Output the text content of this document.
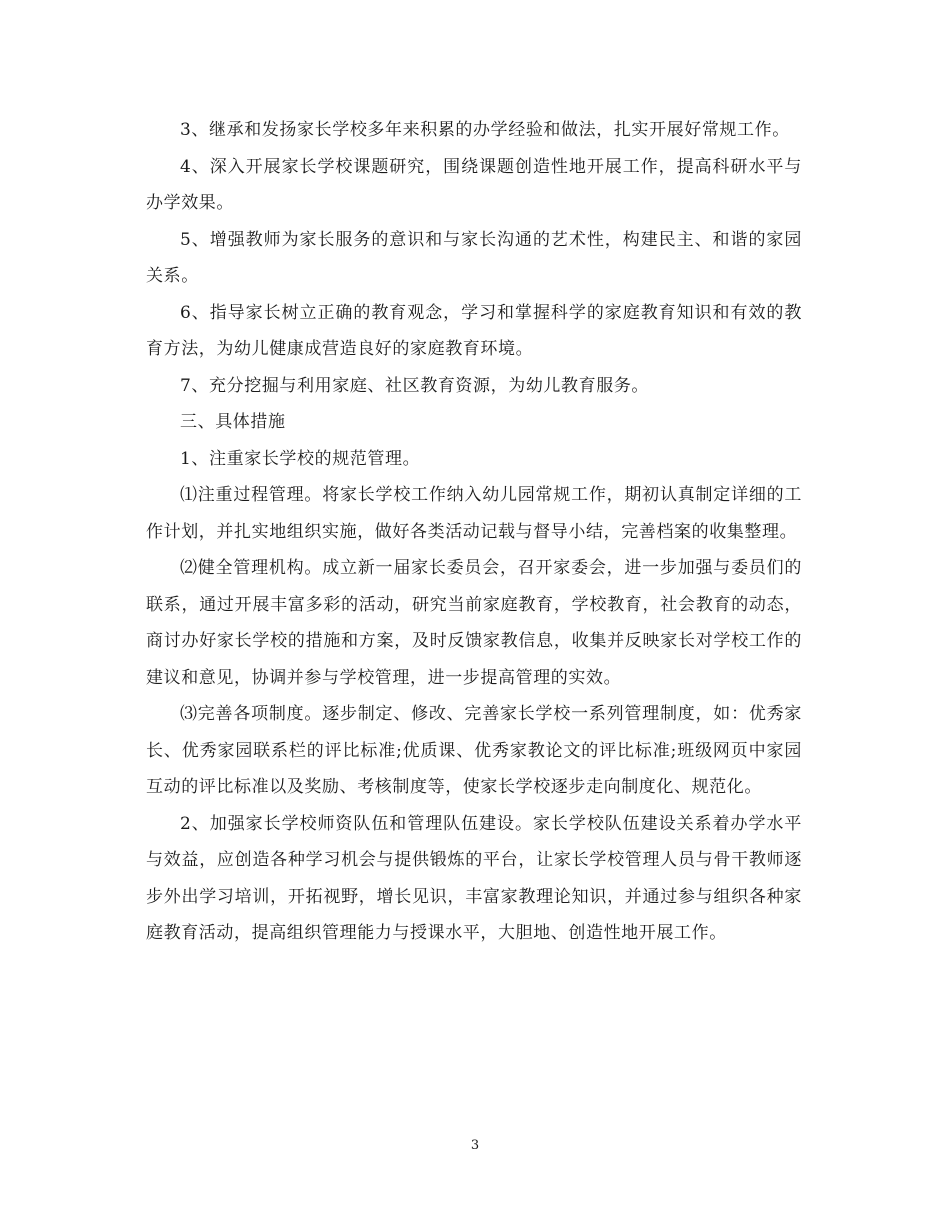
3、继承和发扬家长学校多年来积累的办学经验和做法，扎实开展好常规工作。

4、深入开展家长学校课题研究，围绕课题创造性地开展工作，提高科研水平与办学效果。

5、增强教师为家长服务的意识和与家长沟通的艺术性，构建民主、和谐的家园关系。

6、指导家长树立正确的教育观念，学习和掌握科学的家庭教育知识和有效的教育方法，为幼儿健康成营造良好的家庭教育环境。

7、充分挖掘与利用家庭、社区教育资源，为幼儿教育服务。

三、具体措施

1、注重家长学校的规范管理。

⑴注重过程管理。将家长学校工作纳入幼儿园常规工作，期初认真制定详细的工作计划，并扎实地组织实施，做好各类活动记载与督导小结，完善档案的收集整理。

⑵健全管理机构。成立新一届家长委员会，召开家委会，进一步加强与委员们的联系，通过开展丰富多彩的活动，研究当前家庭教育，学校教育，社会教育的动态，商讨办好家长学校的措施和方案，及时反馈家教信息，收集并反映家长对学校工作的建议和意见，协调并参与学校管理，进一步提高管理的实效。

⑶完善各项制度。逐步制定、修改、完善家长学校一系列管理制度，如：优秀家长、优秀家园联系栏的评比标准;优质课、优秀家教论文的评比标准;班级网页中家园互动的评比标准以及奖励、考核制度等，使家长学校逐步走向制度化、规范化。

2、加强家长学校师资队伍和管理队伍建设。家长学校队伍建设关系着办学水平与效益，应创造各种学习机会与提供锻炼的平台，让家长学校管理人员与骨干教师逐步外出学习培训，开拓视野，增长见识，丰富家教理论知识，并通过参与组织各种家庭教育活动，提高组织管理能力与授课水平，大胆地、创造性地开展工作。

3
